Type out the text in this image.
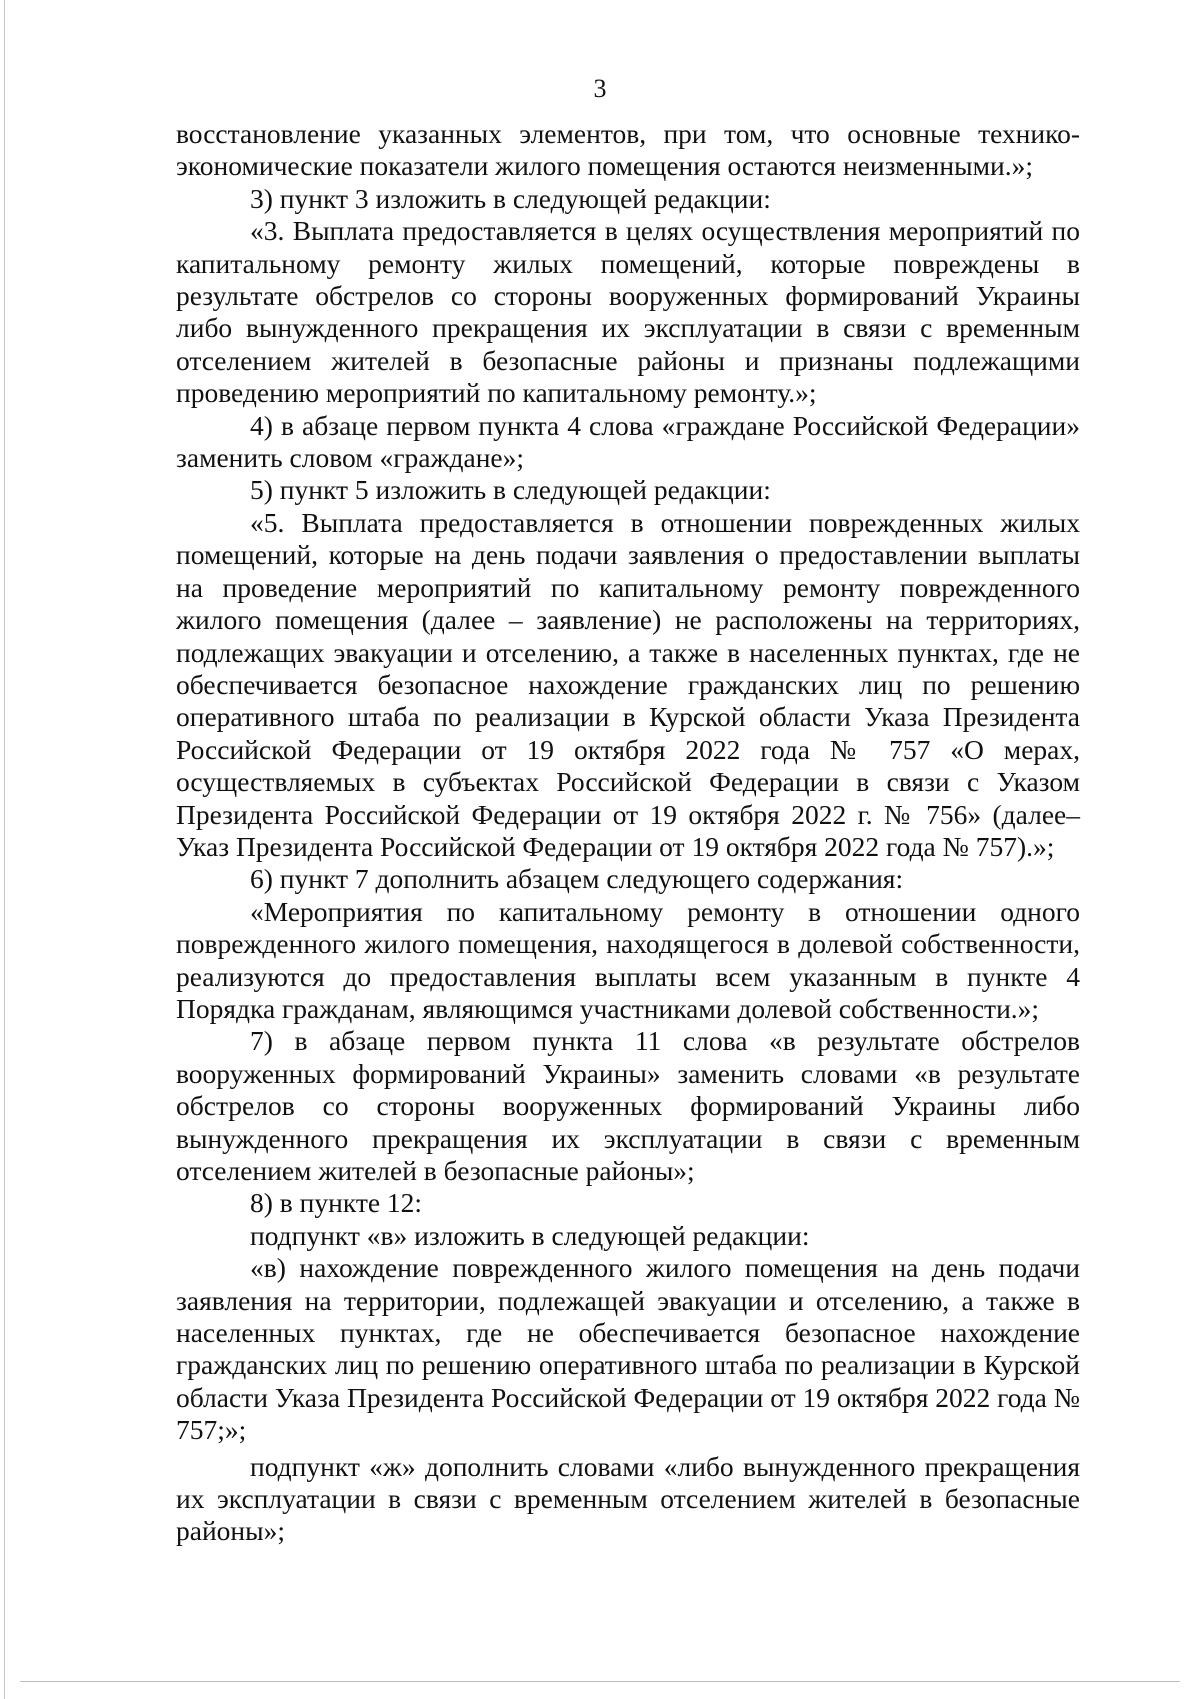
3

восстановление указанных элементов, при том, что основные технико-экономические показатели жилого помещения остаются неизменными.»;

3) пункт 3 изложить в следующей редакции:

«3. Выплата предоставляется в целях осуществления мероприятий по капитальному ремонту жилых помещений, которые повреждены в результате обстрелов со стороны вооруженных формирований Украины либо вынужденного прекращения их эксплуатации в связи с временным отселением жителей в безопасные районы и признаны подлежащими проведению мероприятий по капитальному ремонту.»;

4) в абзаце первом пункта 4 слова «граждане Российской Федерации» заменить словом «граждане»;

5) пункт 5 изложить в следующей редакции:

«5. Выплата предоставляется в отношении поврежденных жилых помещений, которые на день подачи заявления о предоставлении выплаты на проведение мероприятий по капитальному ремонту поврежденного жилого помещения (далее – заявление) не расположены на территориях, подлежащих эвакуации и отселению, а также в населенных пунктах, где не обеспечивается безопасное нахождение гражданских лиц по решению оперативного штаба по реализации в Курской области Указа Президента Российской Федерации от 19 октября 2022 года № 757 «О мерах, осуществляемых в субъектах Российской Федерации в связи с Указом Президента Российской Федерации от 19 октября 2022 г. № 756» (далее– Указ Президента Российской Федерации от 19 октября 2022 года № 757).»;

6) пункт 7 дополнить абзацем следующего содержания:

«Мероприятия по капитальному ремонту в отношении одного поврежденного жилого помещения, находящегося в долевой собственности, реализуются до предоставления выплаты всем указанным в пункте 4 Порядка гражданам, являющимся участниками долевой собственности.»;

7) в абзаце первом пункта 11 слова «в результате обстрелов вооруженных формирований Украины» заменить словами «в результате обстрелов со стороны вооруженных формирований Украины либо вынужденного прекращения их эксплуатации в связи с временным отселением жителей в безопасные районы»;

8) в пункте 12:

подпункт «в» изложить в следующей редакции:

«в) нахождение поврежденного жилого помещения на день подачи заявления на территории, подлежащей эвакуации и отселению, а также в населенных пунктах, где не обеспечивается безопасное нахождение гражданских лиц по решению оперативного штаба по реализации в Курской области Указа Президента Российской Федерации от 19 октября 2022 года № 757;»;

подпункт «ж» дополнить словами «либо вынужденного прекращения их эксплуатации в связи с временным отселением жителей в безопасные районы»;
